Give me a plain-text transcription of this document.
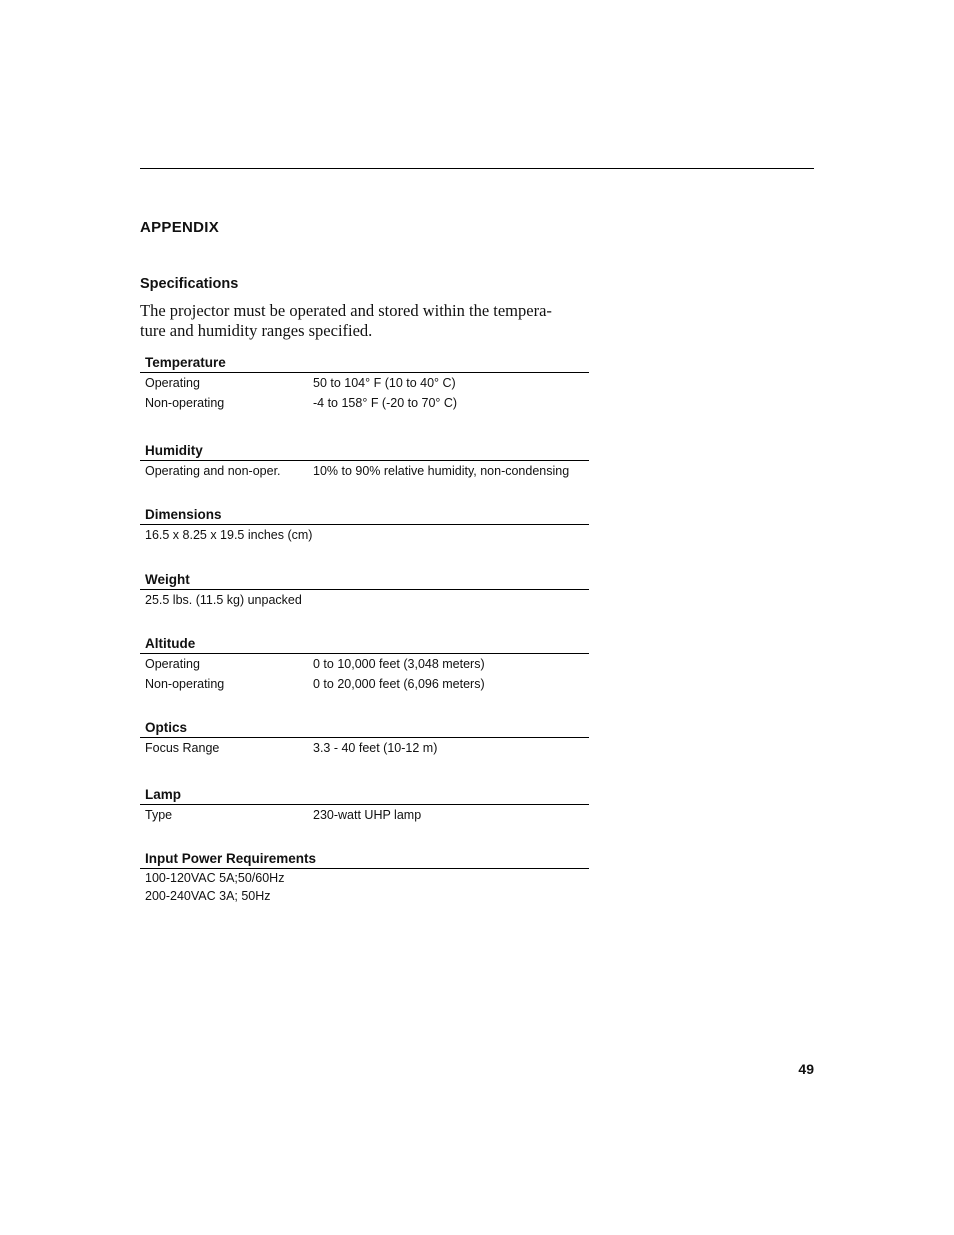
APPENDIX
Specifications
The projector must be operated and stored within the tempera-
ture and humidity ranges specified.
Temperature
Operating	50 to 104° F (10 to 40° C)
Non-operating	-4 to 158° F (-20 to 70° C)
Humidity
Operating and non-oper.	10% to 90% relative humidity, non-condensing
Dimensions
16.5 x 8.25 x 19.5 inches (cm)
Weight
25.5 lbs. (11.5 kg) unpacked
Altitude
Operating	0 to 10,000 feet (3,048 meters)
Non-operating	0 to 20,000 feet (6,096 meters)
Optics
Focus Range	3.3 - 40 feet (10-12 m)
Lamp
Type	230-watt UHP lamp
Input Power Requirements
100-120VAC 5A;50/60Hz
200-240VAC 3A; 50Hz
49
